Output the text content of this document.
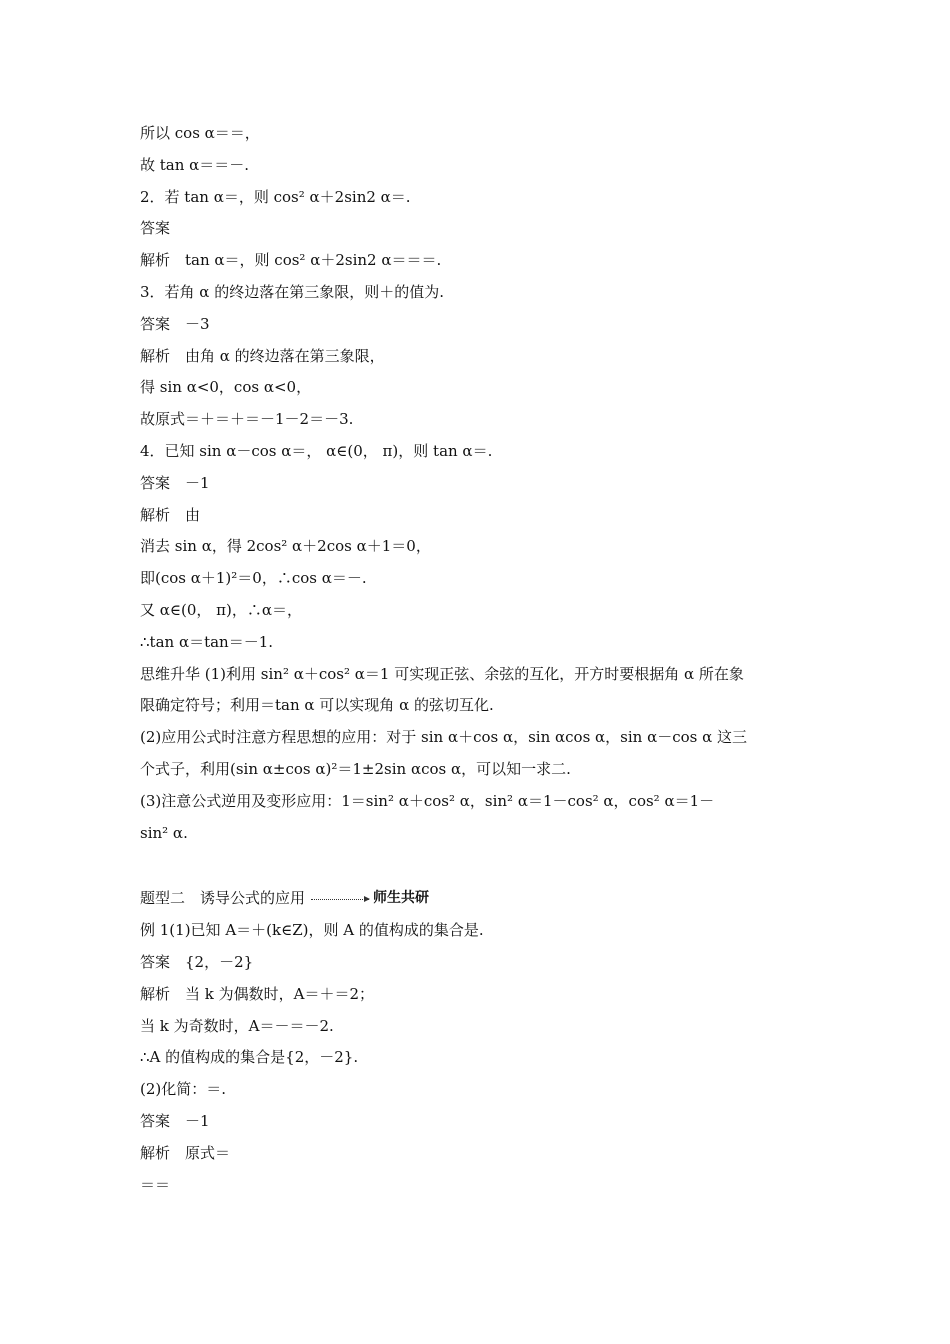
所以 cos α＝＝，
故 tan α＝＝－.
2．若 tan α＝，则 cos² α＋2sin2 α＝.
答案
解析　tan α＝，则 cos² α＋2sin2 α＝＝＝.
3．若角 α 的终边落在第三象限，则＋的值为.
答案　－3
解析　由角 α 的终边落在第三象限，
得 sin α<0，cos α<0，
故原式＝＋＝＋＝－1－2＝－3.
4．已知 sin α－cos α＝， α∈(0， π)，则 tan α＝.
答案　－1
解析　由
消去 sin α，得 2cos² α＋2cos α＋1＝0，
即(cos α＋1)²＝0，∴cos α＝－.
又 α∈(0， π)，∴α＝，
∴tan α＝tan＝－1.
思维升华 (1)利用 sin² α＋cos² α＝1 可实现正弦、余弦的互化，开方时要根据角 α 所在象
限确定符号；利用＝tan α 可以实现角 α 的弦切互化.
(2)应用公式时注意方程思想的应用：对于 sin α＋cos α，sin αcos α，sin α－cos α 这三
个式子，利用(sin α±cos α)²＝1±2sin αcos α，可以知一求二.
(3)注意公式逆用及变形应用：1＝sin² α＋cos² α，sin² α＝1－cos² α，cos² α＝1－
sin² α.
题型二　诱导公式的应用	师生共研
例 1(1)已知 A＝＋(k∈Z)，则 A 的值构成的集合是.
答案　{2，－2}
解析　当 k 为偶数时，A＝＋＝2；
当 k 为奇数时，A＝－＝－2.
∴A 的值构成的集合是{2，－2}.
(2)化简：＝.
答案　－1
解析　原式＝
＝＝
